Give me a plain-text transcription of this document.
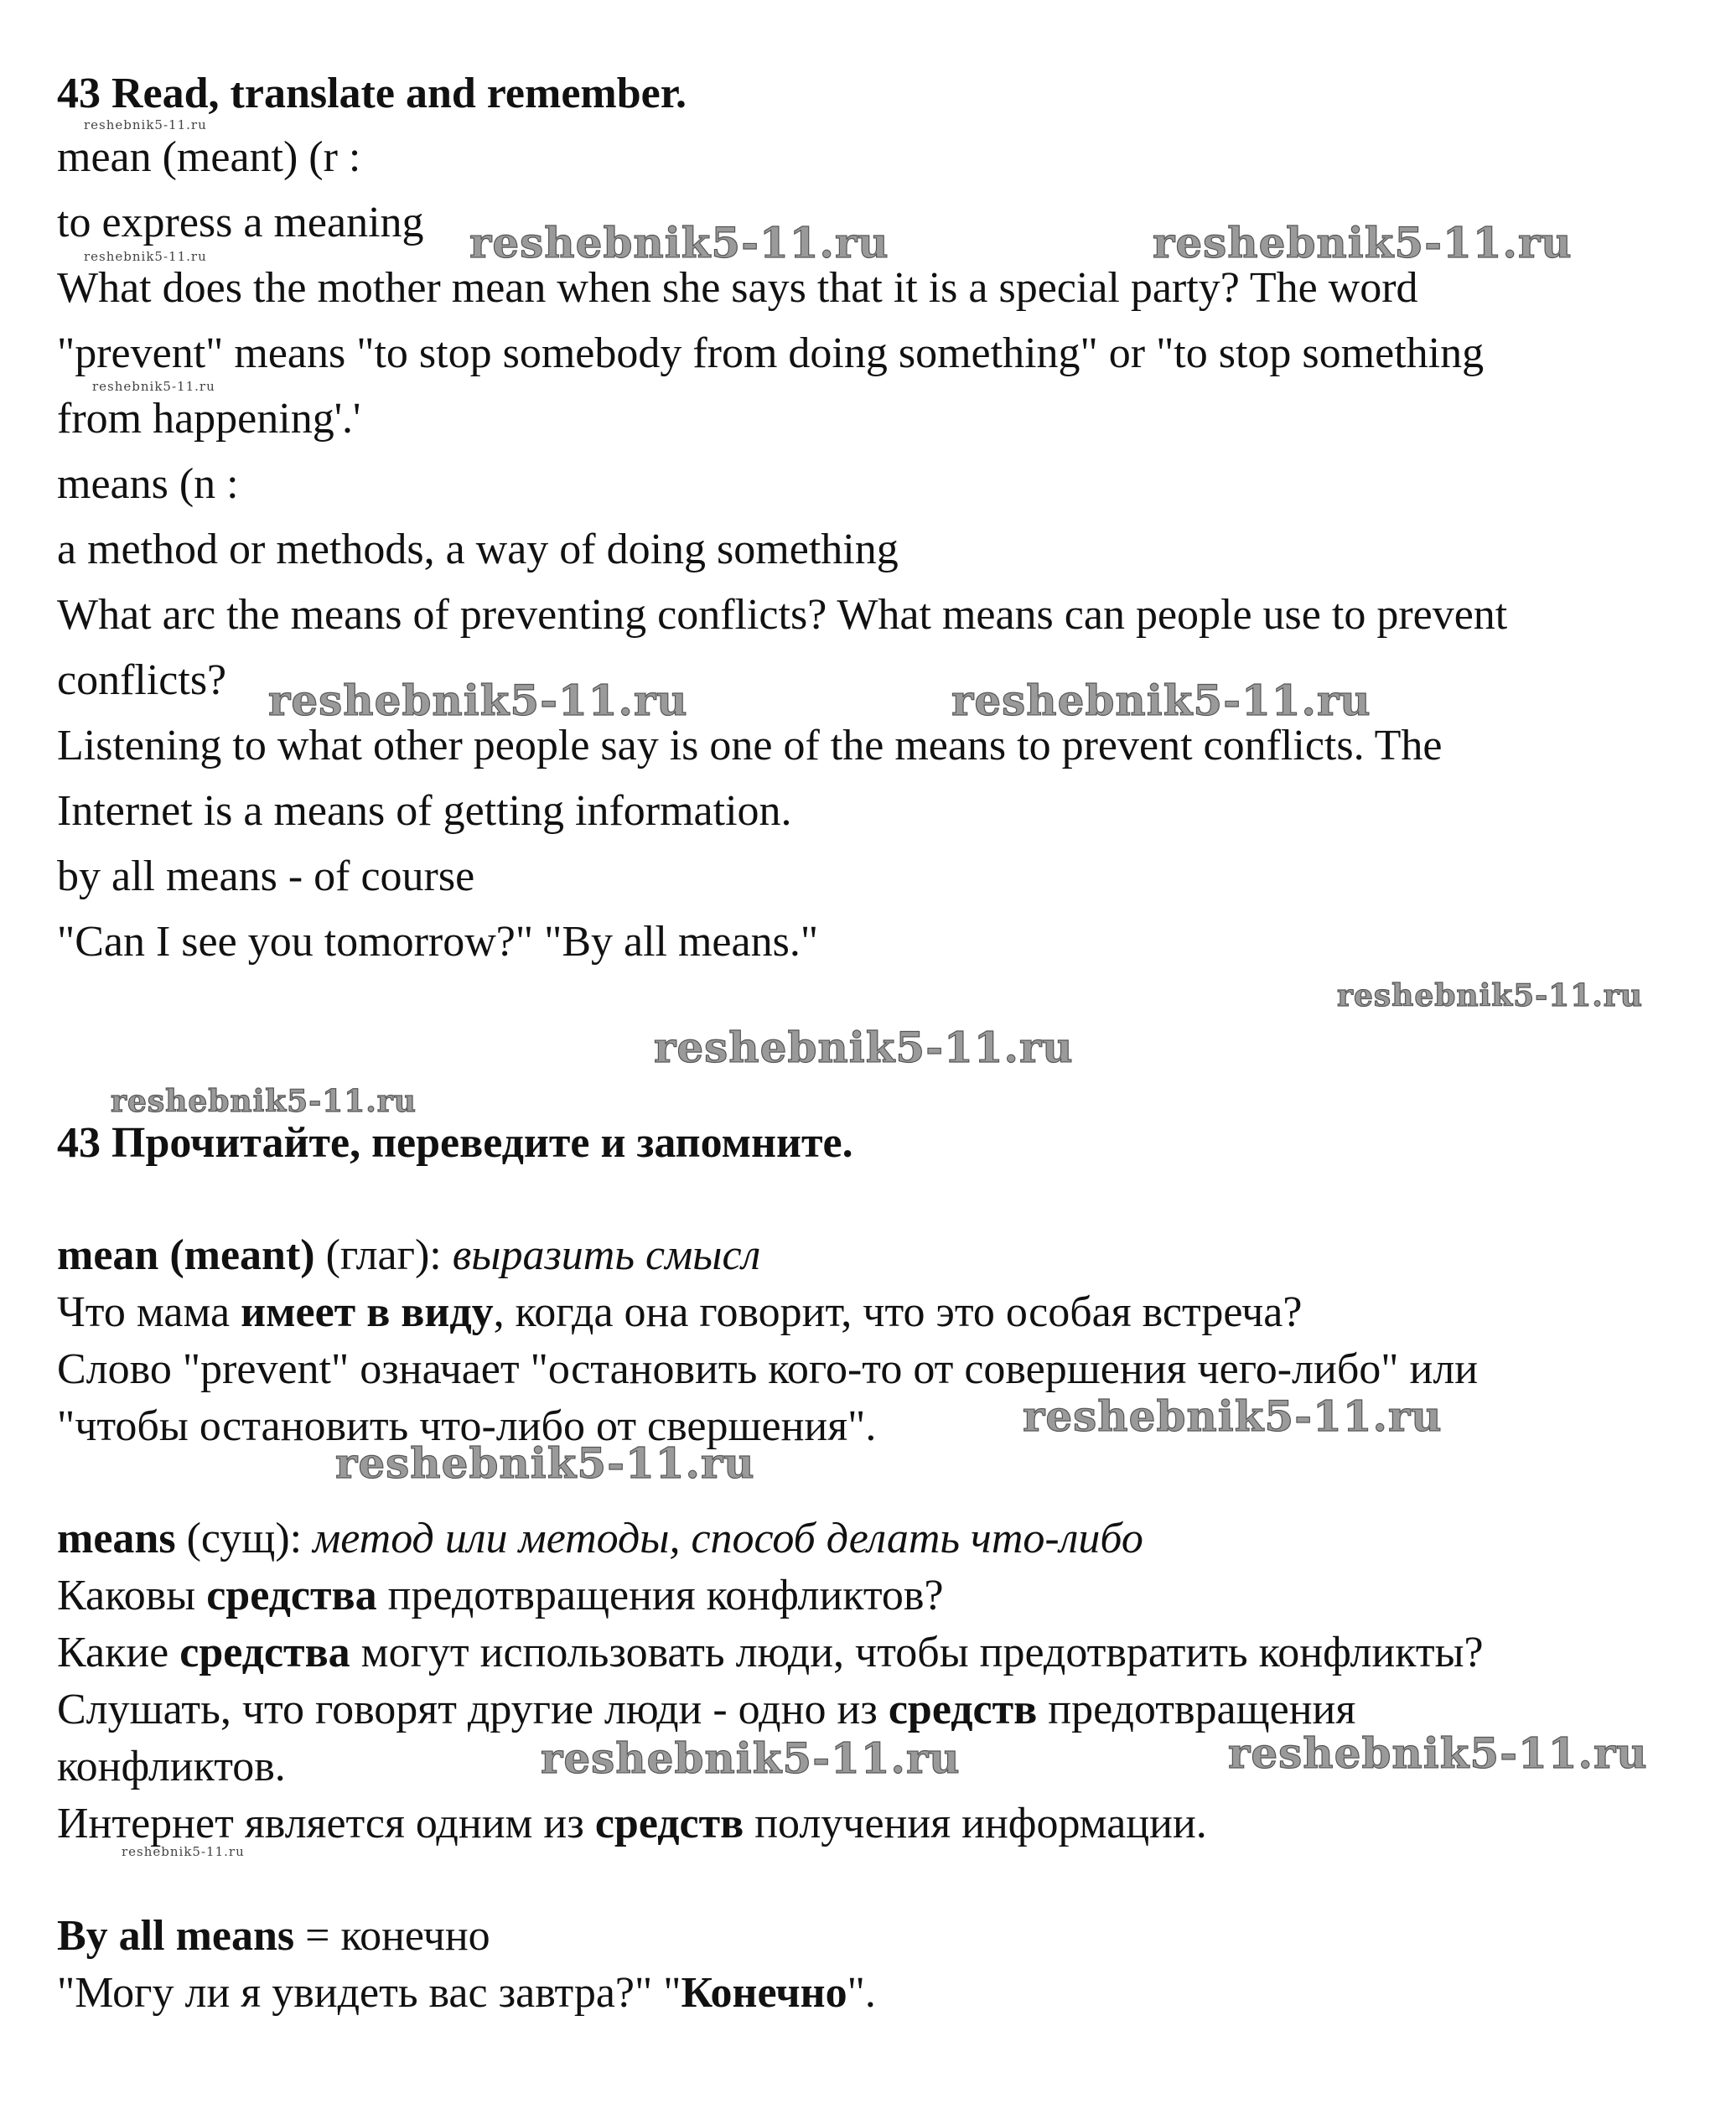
43 Read, translate and remember.
mean (meant) (r :
to express a meaning
What does the mother mean when she says that it is a special party? The word
"prevent" means "to stop somebody from doing something" or "to stop something
from happening'.'
means (n :
a method or methods, a way of doing something
What arc the means of preventing conflicts? What means can people use to prevent
conflicts?
Listening to what other people say is one of the means to prevent conflicts. The
Internet is a means of getting information.
by all means - of course
"Can I see you tomorrow?" "By all means."
43 Прочитайте, переведите и запомните.
mean (meant) (глаг): выразить смысл
Что мама имеет в виду, когда она говорит, что это особая встреча?
Слово "prevent" означает "остановить кого-то от совершения чего-либо" или
"чтобы остановить что-либо от свершения".
means (сущ): метод или методы, способ делать что-либо
Каковы средства предотвращения конфликтов?
Какие средства могут использовать люди, чтобы предотвратить конфликты?
Слушать, что говорят другие люди - одно из средств предотвращения
конфликтов.
Интернет является одним из средств получения информации.
By all means = конечно
"Могу ли я увидеть вас завтра?" "Конечно".
reshebnik5-11.ru
reshebnik5-11.ru	reshebnik5-11.ru
reshebnik5-11.ru
reshebnik5-11.ru
reshebnik5-11.ru	reshebnik5-11.ru
reshebnik5-11.ru
reshebnik5-11.ru
reshebnik5-11.ru
reshebnik5-11.ru
reshebnik5-11.ru
reshebnik5-11.ru	reshebnik5-11.ru
reshebnik5-11.ru
